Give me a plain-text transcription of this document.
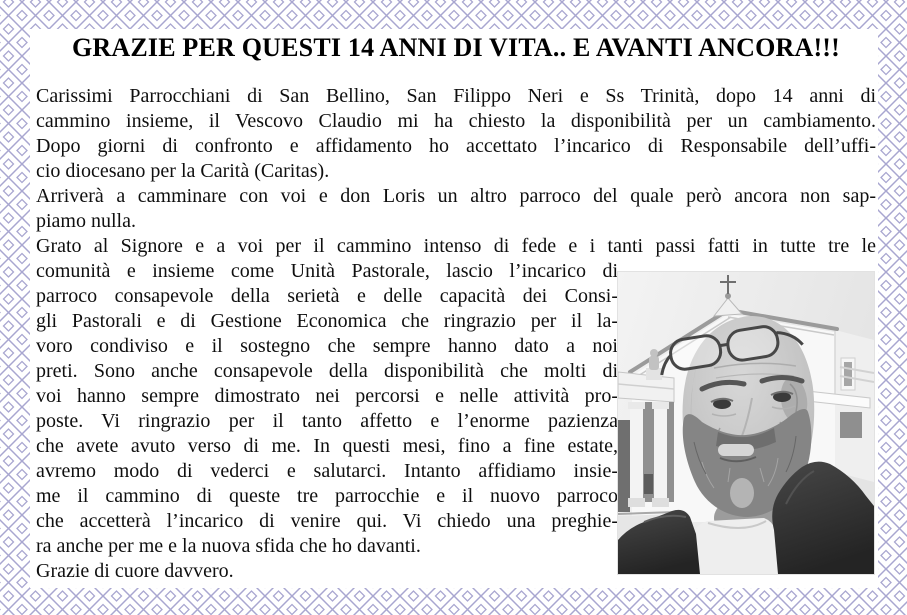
GRAZIE PER QUESTI 14 ANNI DI VITA.. E AVANTI ANCORA!!!
Carissimi Parrocchiani di San Bellino, San Filippo Neri e Ss Trinità, dopo 14 anni di
cammino insieme, il Vescovo Claudio mi ha chiesto la disponibilità per un cambiamento.
Dopo giorni di confronto e affidamento ho accettato l’incarico di Responsabile dell’uffi-
cio diocesano per la Carità (Caritas).
Arriverà a camminare con voi e don Loris un altro parroco del quale però ancora non sap-
piamo nulla.
Grato al Signore e a voi per il cammino intenso di fede e i tanti passi fatti in tutte tre le
comunità e insieme come Unità Pastorale, lascio l’incarico di
parroco consapevole della serietà e delle capacità dei Consi-
gli Pastorali e di Gestione Economica che ringrazio per il la-
voro condiviso e il sostegno che sempre hanno dato a noi
preti. Sono anche consapevole della disponibilità che molti di
voi hanno sempre dimostrato nei percorsi e nelle attività pro-
poste. Vi ringrazio per il tanto affetto e l’enorme pazienza
che avete avuto verso di me. In questi mesi, fino a fine estate,
avremo modo di vederci e salutarci. Intanto affidiamo insie-
me il cammino di queste tre parrocchie e il nuovo parroco
che accetterà l’incarico di venire qui. Vi chiedo una preghie-
ra anche per me e la nuova sfida che ho davanti.
Grazie di cuore davvero.
